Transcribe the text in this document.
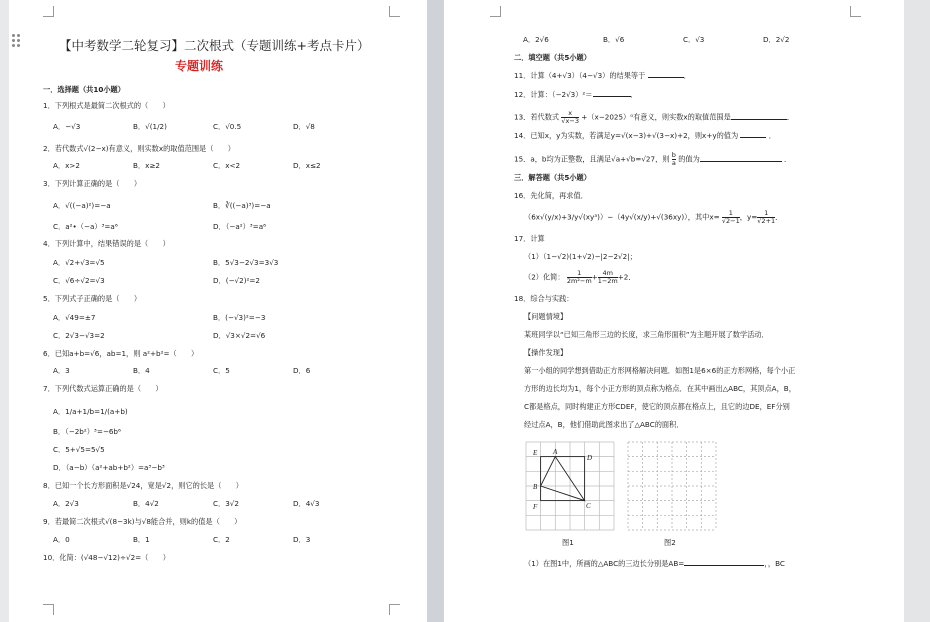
【中考数学二轮复习】二次根式（专题训练+考点卡片）
专题训练
一．选择题（共10小题）
1．下列根式是最简二次根式的（　　）
A．−√3	B．√(1/2)	C．√0.5	D．√8
2．若代数式√(2−x)有意义，则实数x的取值范围是（　　）
A．x>2	B．x≥2	C．x<2	D．x≤2
3．下列计算正确的是（　　）
A．√((−a)²)=−a	B．∛((−a)³)=−a
C．a²•（−a）³=a⁶	D．（−a²）³=a⁶
4．下列计算中，结果错误的是（　　）
A．√2+√3=√5	B．5√3−2√3=3√3
C．√6÷√2=√3	D．(−√2)²=2
5．下列式子正确的是（　　）
A．√49=±7	B．(−√3)²=−3
C．2√3−√3=2	D．√3×√2=√6
6．已知a+b=√6，ab=1，则 a²+b²=（　　）
A．3	B．4	C．5	D．6
7．下列代数式运算正确的是（　　）
A．1/a+1/b=1/(a+b)
B．（−2b²）³=−6b⁶
C．5+√5=5√5
D．（a−b）（a²+ab+b²）=a³−b³
8．已知一个长方形面积是√24，宽是√2，则它的长是（　　）
A．2√3	B．4√2	C．3√2	D．4√3
9．若最简二次根式√(8−3k)与√8能合并，则k的值是（　　）
A．0	B．1	C．2	D．3
10．化简：(√48−√12)÷√2=（　　）
A．2√6	B．√6	C．√3	D．2√2
二．填空题（共5小题）
11．计算（4+√3）（4−√3）的结果等于	．
12．计算：（−2√3）²＝	．
13．若代数式 $\frac{x}{√x-3} +(x-2025)^0$有意义，则实数x的取值范围是	．
14．已知x，y为实数，若满足y=√(x−3)+√(3−x)+2，则x+y的值为	．
15．a，b均为正整数，且满足√a+√b=√27，则 $\frac{b}{a}$ 的值为	．
三．解答题（共5小题）
16．先化简，再求值．
（6x√(y/x)+3/y√(xy³)）−（4y√(x/y)+√(36xy)），其中$x= \frac{1}{√2-1}$ ，$y= \frac{1}{√2+1}$ ．
17．计算
（1）（1−√2)(1+√2)−|2−2√2|；
（2）化简： $\frac{1}{\text{2m²−m}} + \frac{4m}{1-2m} +2$．
18．综合与实践：
【问题情境】
某班同学以“已知三角形三边的长度，求三角形面积”为主题开展了数学活动．
【操作发现】
第一小组的同学想到借助正方形网格解决问题．如图1是6×6的正方形网格，每个小正
方形的边长均为1，每个小正方形的顶点称为格点．在其中画出△ABC，其顶点A，B，
C都是格点，同时构建正方形CDEF，使它的顶点都在格点上，且它的边DE，EF分别
经过点A，B，他们借助此图求出了△ABC的面积．
E A
D
B
F	C
图1	图2
（1）在图1中，所画的△ABC的三边长分别是AB=	，，BC
